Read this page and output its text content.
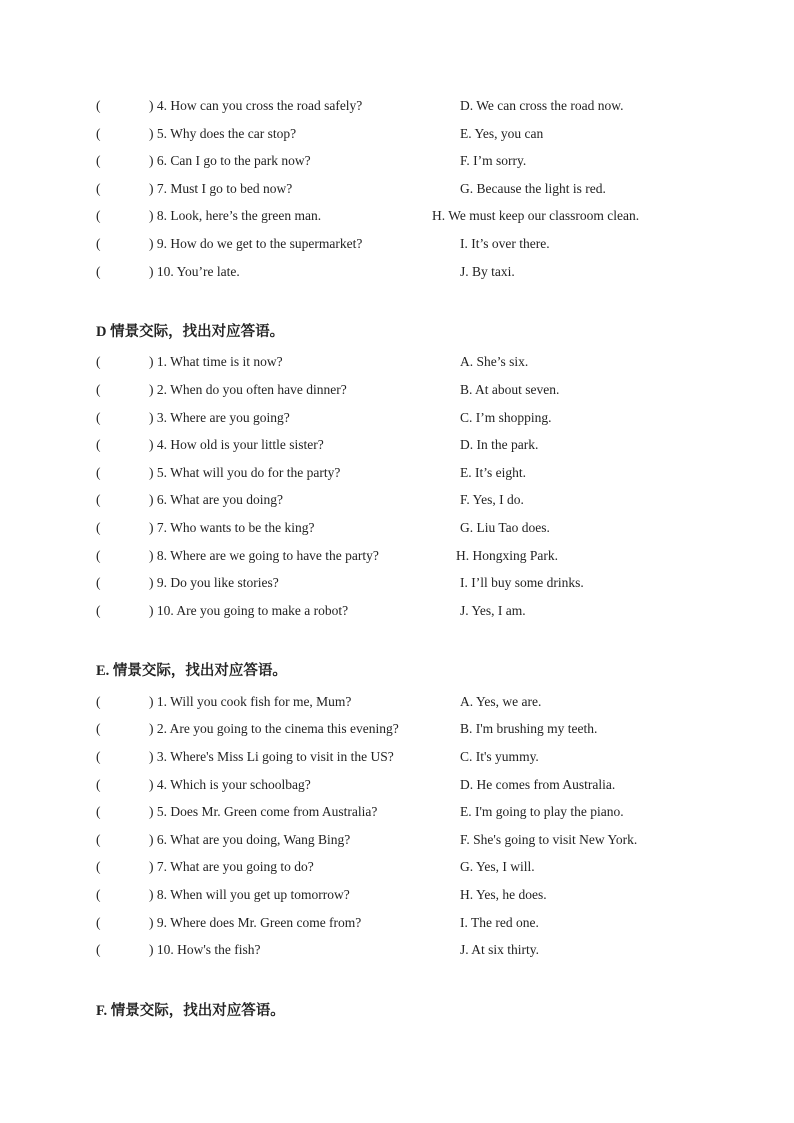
(	) 4. How can you cross the road safely?	D. We can cross the road now.
(	) 5. Why does the car stop?	E. Yes, you can
(	) 6. Can I go to the park now?	F. I’m sorry.
(	) 7. Must I go to bed now?	G. Because the light is red.
(	) 8. Look, here’s the green man.	H. We must keep our classroom clean.
(	) 9. How do we get to the supermarket?	I. It’s over there.
(	) 10. You’re late.	J. By taxi.
D 情景交际，找出对应答语。
(	) 1. What time is it now?	A. She’s six.
(	) 2. When do you often have dinner?	B. At about seven.
(	) 3. Where are you going?	C. I’m shopping.
(	) 4. How old is your little sister?	D. In the park.
(	) 5. What will you do for the party?	E. It’s eight.
(	) 6. What are you doing?	F. Yes, I do.
(	) 7. Who wants to be the king?	G. Liu Tao does.
(	) 8. Where are we going to have the party?	H. Hongxing Park.
(	) 9. Do you like stories?	I. I’ll buy some drinks.
(	) 10. Are you going to make a robot?	J. Yes, I am.
E. 情景交际，找出对应答语。
(	) 1. Will you cook fish for me, Mum?	A. Yes, we are.
(	) 2. Are you going to the cinema this evening?	B. I'm brushing my teeth.
(	) 3. Where's Miss Li going to visit in the US?	C. It's yummy.
(	) 4. Which is your schoolbag?	D. He comes from Australia.
(	) 5. Does Mr. Green come from Australia?	E. I'm going to play the piano.
(	) 6. What are you doing, Wang Bing?	F. She's going to visit New York.
(	) 7. What are you going to do?	G. Yes, I will.
(	) 8. When will you get up tomorrow?	H. Yes, he does.
(	) 9. Where does Mr. Green come from?	I. The red one.
(	) 10. How's the fish?	J. At six thirty.
F. 情景交际，找出对应答语。
